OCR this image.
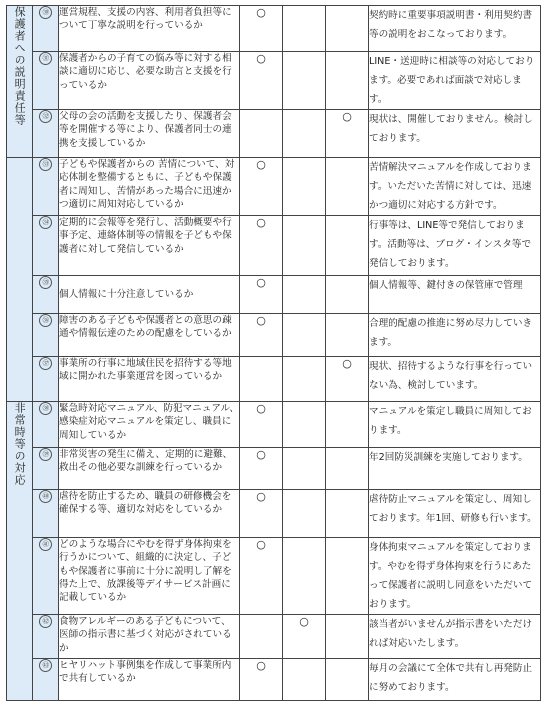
保護者への説明責任等	㉚	運営規程、支援の内容、利用者負担等について丁寧な説明を行っているか	○			契約時に重要事項説明書・利用契約書等の説明をおこなっております。
	㉛	保護者からの子育ての悩み等に対する相談に適切に応じ、必要な助言と支援を行っているか	○			LINE・送迎時に相談等の対応しております。必要であれば面談で対応します。
	㉜	父母の会の活動を支援したり、保護者会等を開催する等により、保護者同士の連携を支援しているか			○	現状は、開催しておりません。検討しております。
	㉝	子どもや保護者からの 苦情について、対応体制を整備するともに、子どもや保護者に周知し、苦情があった場合に迅速かつ適切に周知対応しているか	○			苦情解決マニュアルを作成しております。いただいた苦情に対しては、迅速かつ適切に対応する方針です。
	㉞	定期的に会報等を発行し、活動概要や行事予定、連絡体制等の情報を子どもや保護者に対して発信しているか	○			行事等は、LINE等で発信しております。活動等は、ブログ・インスタ等で発信しております。
	㉟	個人情報に十分注意しているか	○			個人情報等、鍵付きの保管庫で管理
	㊱	障害のある子どもや保護者との意思の疎通や情報伝達のための配慮をしているか	○			合理的配慮の推進に努め尽力していきます。
	㊲	事業所の行事に地域住民を招待する等地域に開かれた事業運営を図っているか			○	現状、招待するような行事を行っていない為、検討しています。
非常時等の対応	㊳	緊急時対応マニュアル、防犯マニュアル、感染症対応マニュアルを策定し、職員に周知しているか	○			マニュアルを策定し職員に周知しております。
	㊴	非常災害の発生に備え、定期的に避難、救出その他必要な訓練を行っているか	○			年2回防災訓練を実施しております。
	㊵	虐待を防止するため、職員の研修機会を確保する等、適切な対応をしているか	○			虐待防止マニュアルを策定し、周知しております。年1回、研修も行います。
	㊶	どのような場合にやむを得ず身体拘束を行うかについて、組織的に決定し、子どもや保護者に事前に十分に説明し了解を得た上で、放課後等デイサービス計画に記載しているか	○			身体拘束マニュアルを策定しております。やむを得ず身体拘束を行うにあたって保護者に説明し同意をいただいております。
	㊷	食物アレルギーのある子どもについて、医師の指示書に基づく対応がされているか		○		該当者がいませんが指示書をいただければ対応いたします。
	㊸	ヒヤリハット事例集を作成して事業所内で共有しているか	○			毎月の会議にて全体で共有し再発防止に努めております。
